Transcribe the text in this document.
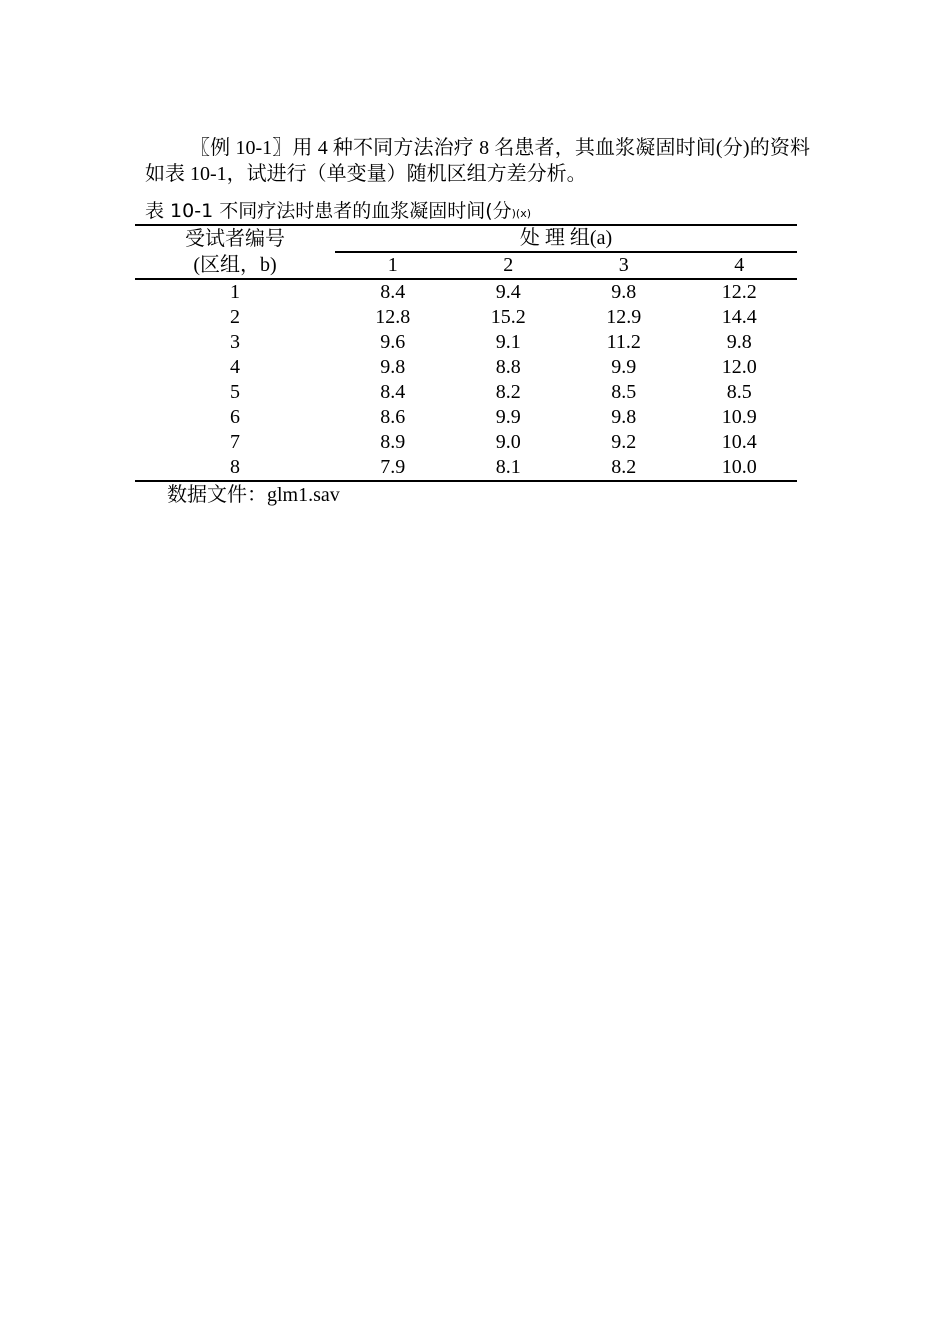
〖例 10-1〗用 4 种不同方法治疗 8 名患者，其血浆凝固时间(分)的资料如表 10-1，试进行（单变量）随机区组方差分析。

表 10-1 不同疗法时患者的血浆凝固时间(分)(x)
受试者编号	处 理 组(a)			
(区组，b)	1	2	3	4
1	8.4	9.4	9.8	12.2
2	12.8	15.2	12.9	14.4
3	9.6	9.1	11.2	9.8
4	9.8	8.8	9.9	12.0
5	8.4	8.2	8.5	8.5
6	8.6	9.9	9.8	10.9
7	8.9	9.0	9.2	10.4
8	7.9	8.1	8.2	10.0
数据文件：glm1.sav
